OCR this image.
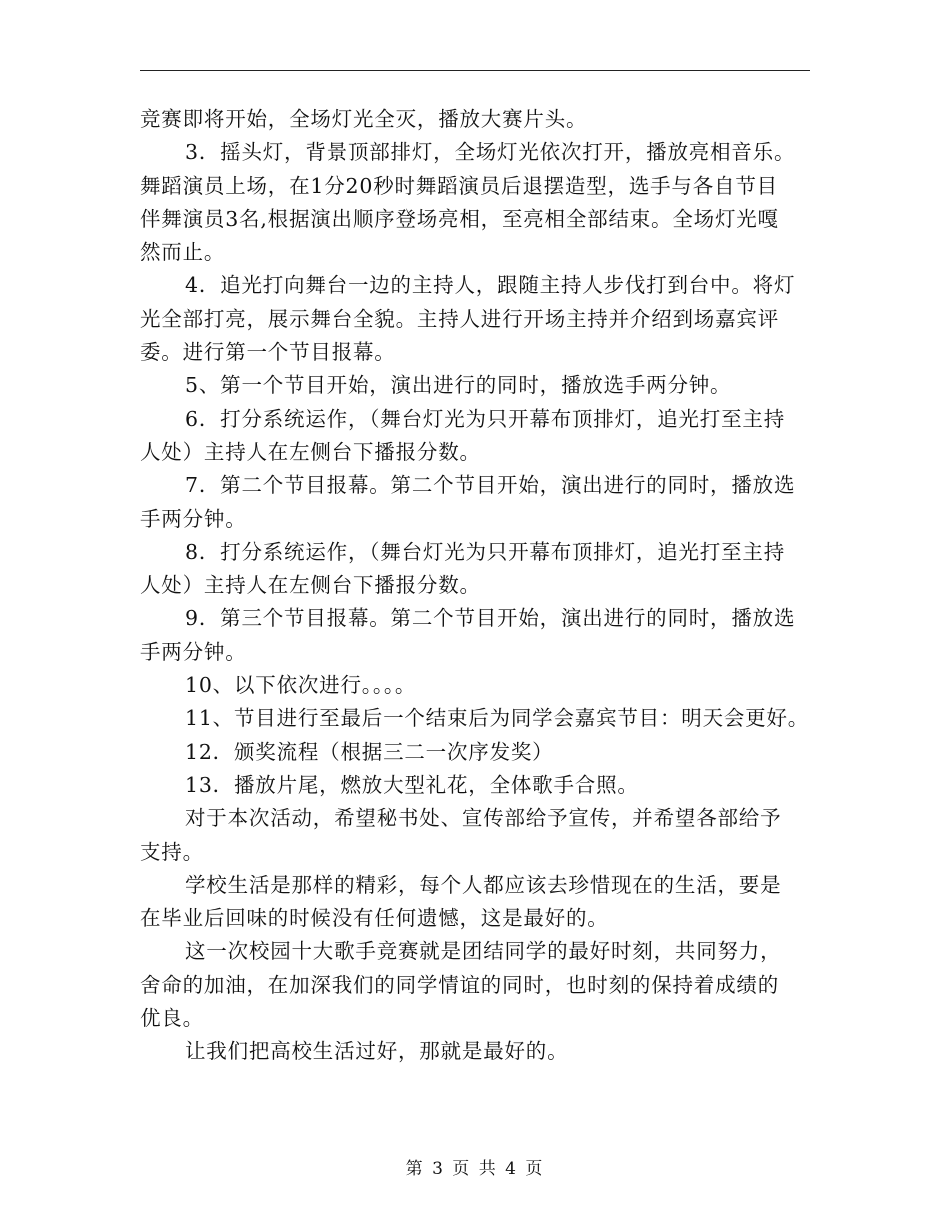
竞赛即将开始，全场灯光全灭，播放大赛片头。
3．摇头灯，背景顶部排灯，全场灯光依次打开，播放亮相音乐。
舞蹈演员上场，在1分20秒时舞蹈演员后退摆造型，选手与各自节目
伴舞演员3名,根据演出顺序登场亮相，至亮相全部结束。全场灯光嘎
然而止。
4．追光打向舞台一边的主持人，跟随主持人步伐打到台中。将灯
光全部打亮，展示舞台全貌。主持人进行开场主持并介绍到场嘉宾评
委。进行第一个节目报幕。
5、第一个节目开始，演出进行的同时，播放选手两分钟。
6．打分系统运作，（舞台灯光为只开幕布顶排灯，追光打至主持
人处）主持人在左侧台下播报分数。
7．第二个节目报幕。第二个节目开始，演出进行的同时，播放选
手两分钟。
8．打分系统运作，（舞台灯光为只开幕布顶排灯，追光打至主持
人处）主持人在左侧台下播报分数。
9．第三个节目报幕。第二个节目开始，演出进行的同时，播放选
手两分钟。
10、以下依次进行。。。。
11、节目进行至最后一个结束后为同学会嘉宾节目：明天会更好。
12．颁奖流程（根据三二一次序发奖）
13．播放片尾，燃放大型礼花，全体歌手合照。
对于本次活动，希望秘书处、宣传部给予宣传，并希望各部给予
支持。
学校生活是那样的精彩，每个人都应该去珍惜现在的生活，要是
在毕业后回味的时候没有任何遗憾，这是最好的。
这一次校园十大歌手竞赛就是团结同学的最好时刻，共同努力，
舍命的加油，在加深我们的同学情谊的同时，也时刻的保持着成绩的
优良。
让我们把高校生活过好，那就是最好的。
第 3 页 共 4 页
